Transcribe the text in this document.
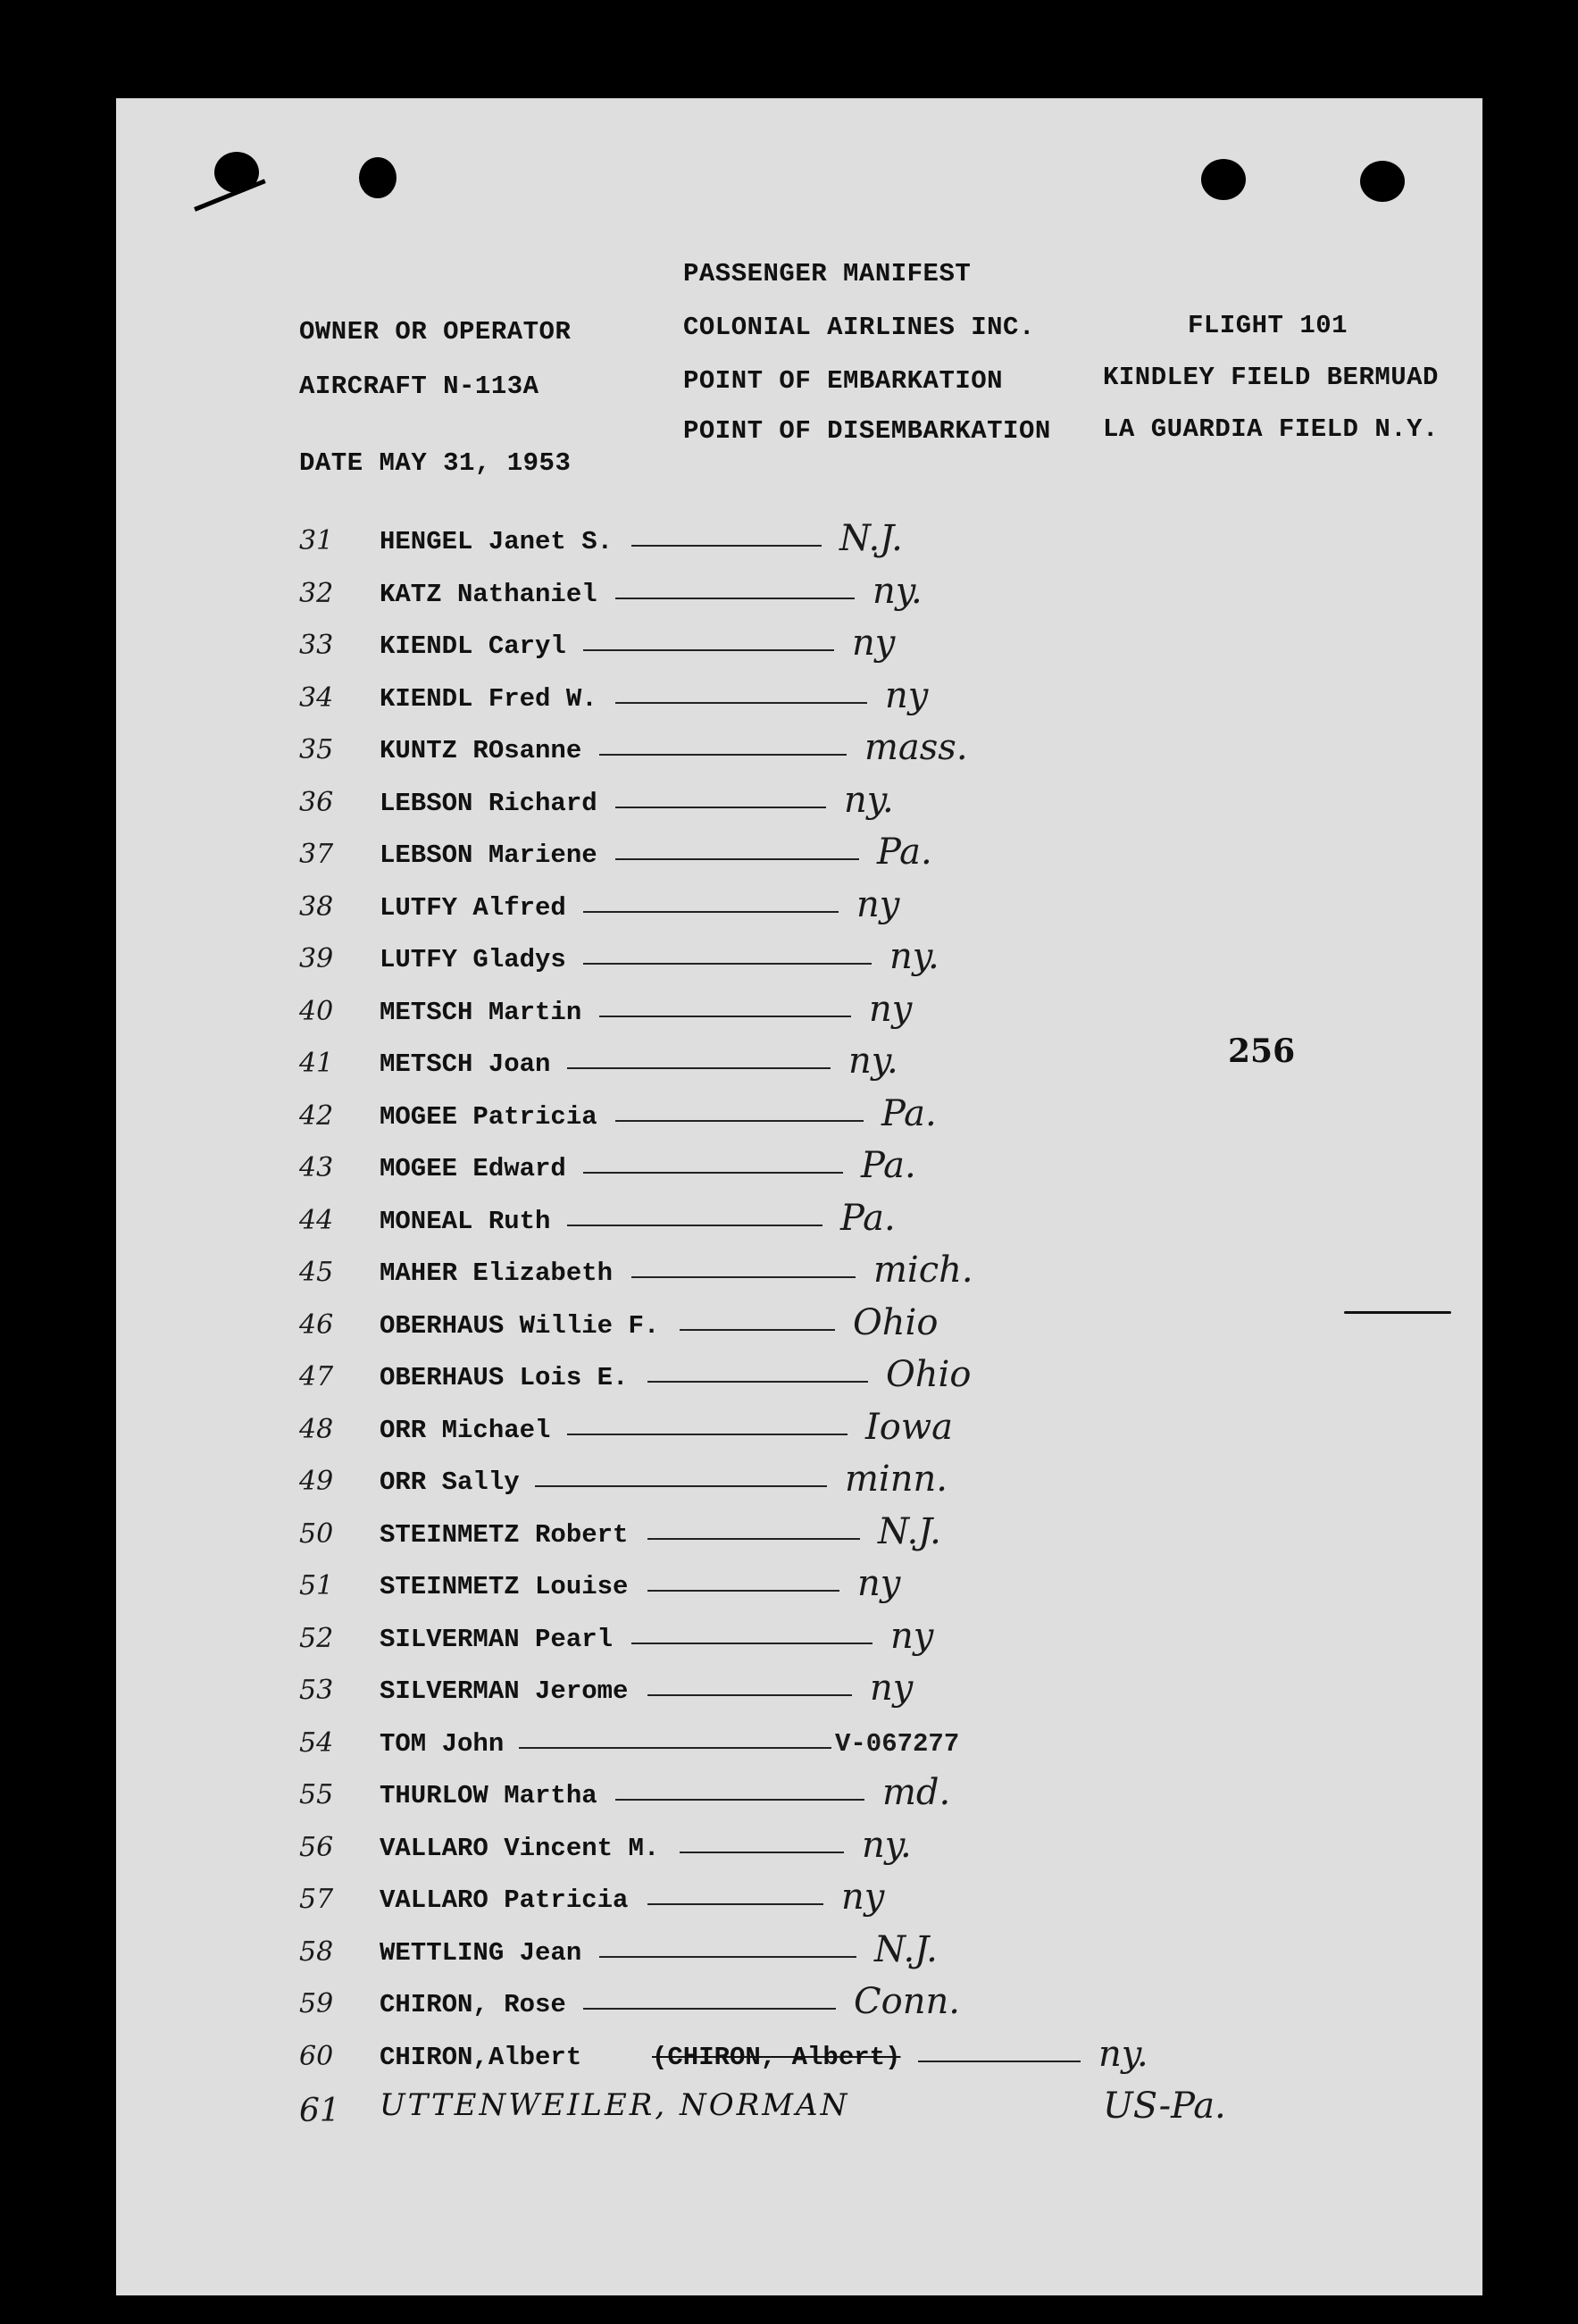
PASSENGER MANIFEST
OWNER OR OPERATOR	COLONIAL AIRLINES INC.	FLIGHT 101
AIRCRAFT N-113A	POINT OF EMBARKATION	KINDLEY FIELD BERMUAD
POINT OF DISEMBARKATION LA GUARDIA FIELD N.Y.
DATE MAY 31, 1953
31 HENGEL Janet S.	N.J.
32 KATZ Nathaniel	ny.
33 KIENDL Caryl	ny
34 KIENDL Fred W.	ny
35 KUNTZ ROsanne	mass.
36 LEBSON Richard	ny.
37 LEBSON Mariene	Pa.
38 LUTFY Alfred	ny
39 LUTFY Gladys	ny.
40 METSCH Martin	ny
41 METSCH Joan	ny.
42 MOGEE Patricia	Pa.
43 MOGEE Edward	Pa.
44 MONEAL Ruth	Pa.
45 MAHER Elizabeth	mich.
46 OBERHAUS Willie F.	Ohio
47 OBERHAUS Lois E.	Ohio
48 ORR Michael	Iowa
49 ORR Sally	minn.
50 STEINMETZ Robert	N.J.
51 STEINMETZ Louise	ny
52 SILVERMAN Pearl	ny
53 SILVERMAN Jerome	ny
54 TOM John	V-067277
55 THURLOW Martha	md.
56 VALLARO Vincent M.	ny.
57 VALLARO Patricia	ny
58 WETTLING Jean	N.J.
59 CHIRON, Rose	Conn.
60 CHIRON,Albert	(CHIRON, Albert)	ny.
61 UTTENWEILER, NORMAN	US-Pa.
256
